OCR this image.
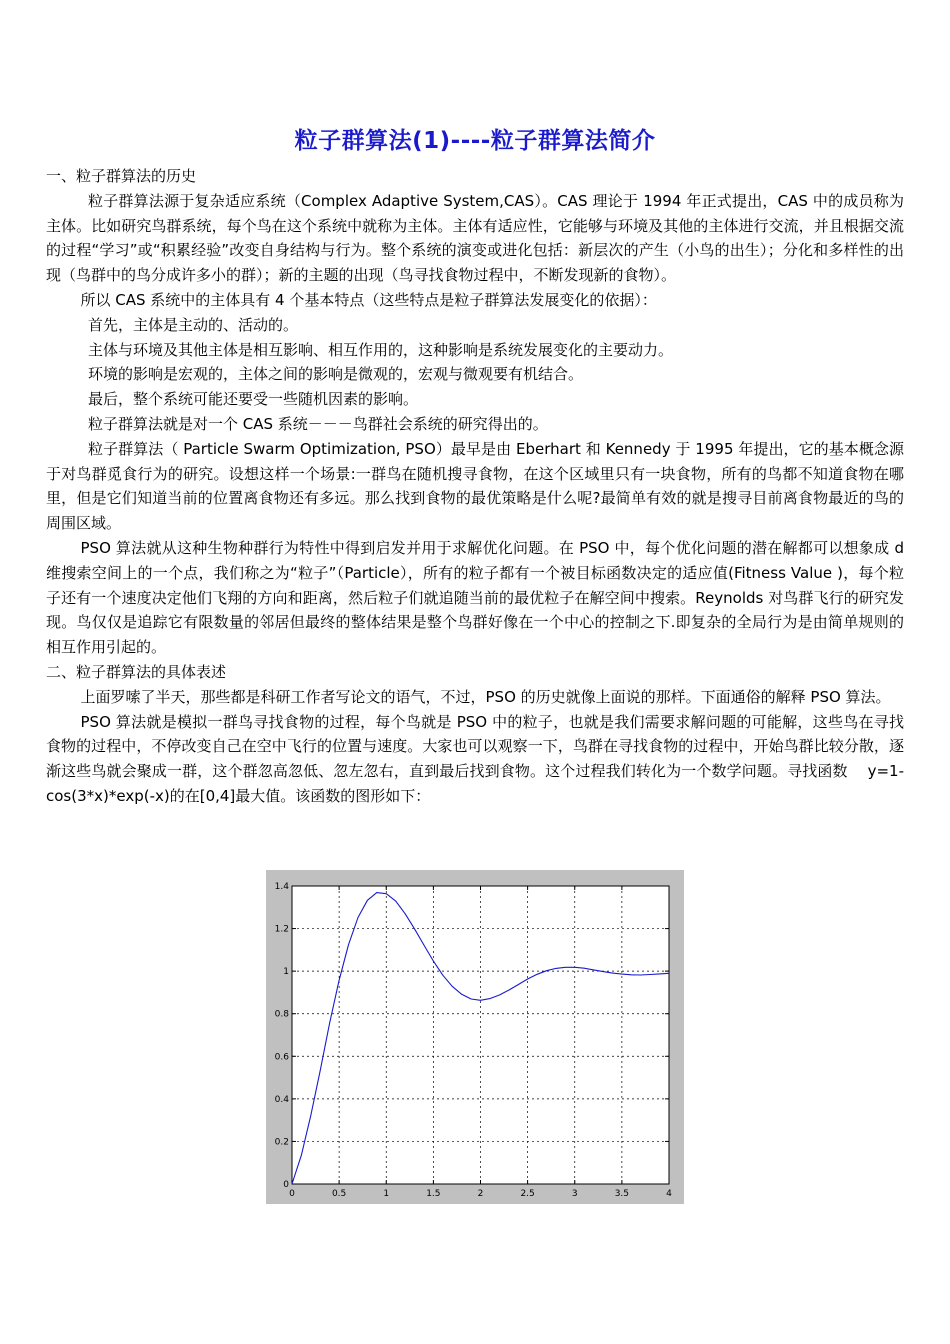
粒子群算法(1)----粒子群算法简介

一、粒子群算法的历史

粒子群算法源于复杂适应系统（Complex Adaptive System,CAS）。CAS 理论于 1994 年正式提出，CAS 中的成员称为主体。比如研究鸟群系统，每个鸟在这个系统中就称为主体。主体有适应性，它能够与环境及其他的主体进行交流，并且根据交流的过程“学习”或“积累经验”改变自身结构与行为。整个系统的演变或进化包括：新层次的产生（小鸟的出生）；分化和多样性的出现（鸟群中的鸟分成许多小的群）；新的主题的出现（鸟寻找食物过程中，不断发现新的食物）。

所以 CAS 系统中的主体具有 4 个基本特点（这些特点是粒子群算法发展变化的依据）：

首先，主体是主动的、活动的。

主体与环境及其他主体是相互影响、相互作用的，这种影响是系统发展变化的主要动力。

环境的影响是宏观的，主体之间的影响是微观的，宏观与微观要有机结合。

最后，整个系统可能还要受一些随机因素的影响。

粒子群算法就是对一个 CAS 系统－－－鸟群社会系统的研究得出的。

粒子群算法（ Particle Swarm Optimization, PSO）最早是由 Eberhart 和 Kennedy 于 1995 年提出，它的基本概念源于对鸟群觅食行为的研究。设想这样一个场景:一群鸟在随机搜寻食物，在这个区域里只有一块食物，所有的鸟都不知道食物在哪里，但是它们知道当前的位置离食物还有多远。那么找到食物的最优策略是什么呢?最简单有效的就是搜寻目前离食物最近的鸟的周围区域。

PSO 算法就从这种生物种群行为特性中得到启发并用于求解优化问题。在 PSO 中，每个优化问题的潜在解都可以想象成 d 维搜索空间上的一个点，我们称之为“粒子”（Particle），所有的粒子都有一个被目标函数决定的适应值(Fitness Value )，每个粒子还有一个速度决定他们飞翔的方向和距离，然后粒子们就追随当前的最优粒子在解空间中搜索。Reynolds 对鸟群飞行的研究发现。鸟仅仅是追踪它有限数量的邻居但最终的整体结果是整个鸟群好像在一个中心的控制之下.即复杂的全局行为是由简单规则的相互作用引起的。

二、粒子群算法的具体表述

上面罗嗦了半天，那些都是科研工作者写论文的语气，不过，PSO 的历史就像上面说的那样。下面通俗的解释 PSO 算法。

PSO 算法就是模拟一群鸟寻找食物的过程，每个鸟就是 PSO 中的粒子，也就是我们需要求解问题的可能解，这些鸟在寻找食物的过程中，不停改变自己在空中飞行的位置与速度。大家也可以观察一下，鸟群在寻找食物的过程中，开始鸟群比较分散，逐渐这些鸟就会聚成一群，这个群忽高忽低、忽左忽右，直到最后找到食物。这个过程我们转化为一个数学问题。寻找函数　 y=1-cos(3*x)*exp(-x)的在[0,4]最大值。该函数的图形如下：

0	0.5	1	1.5	2	2.5	3	3.5	4
0
0.2
0.4
0.6
0.8
1
1.2
1.4
